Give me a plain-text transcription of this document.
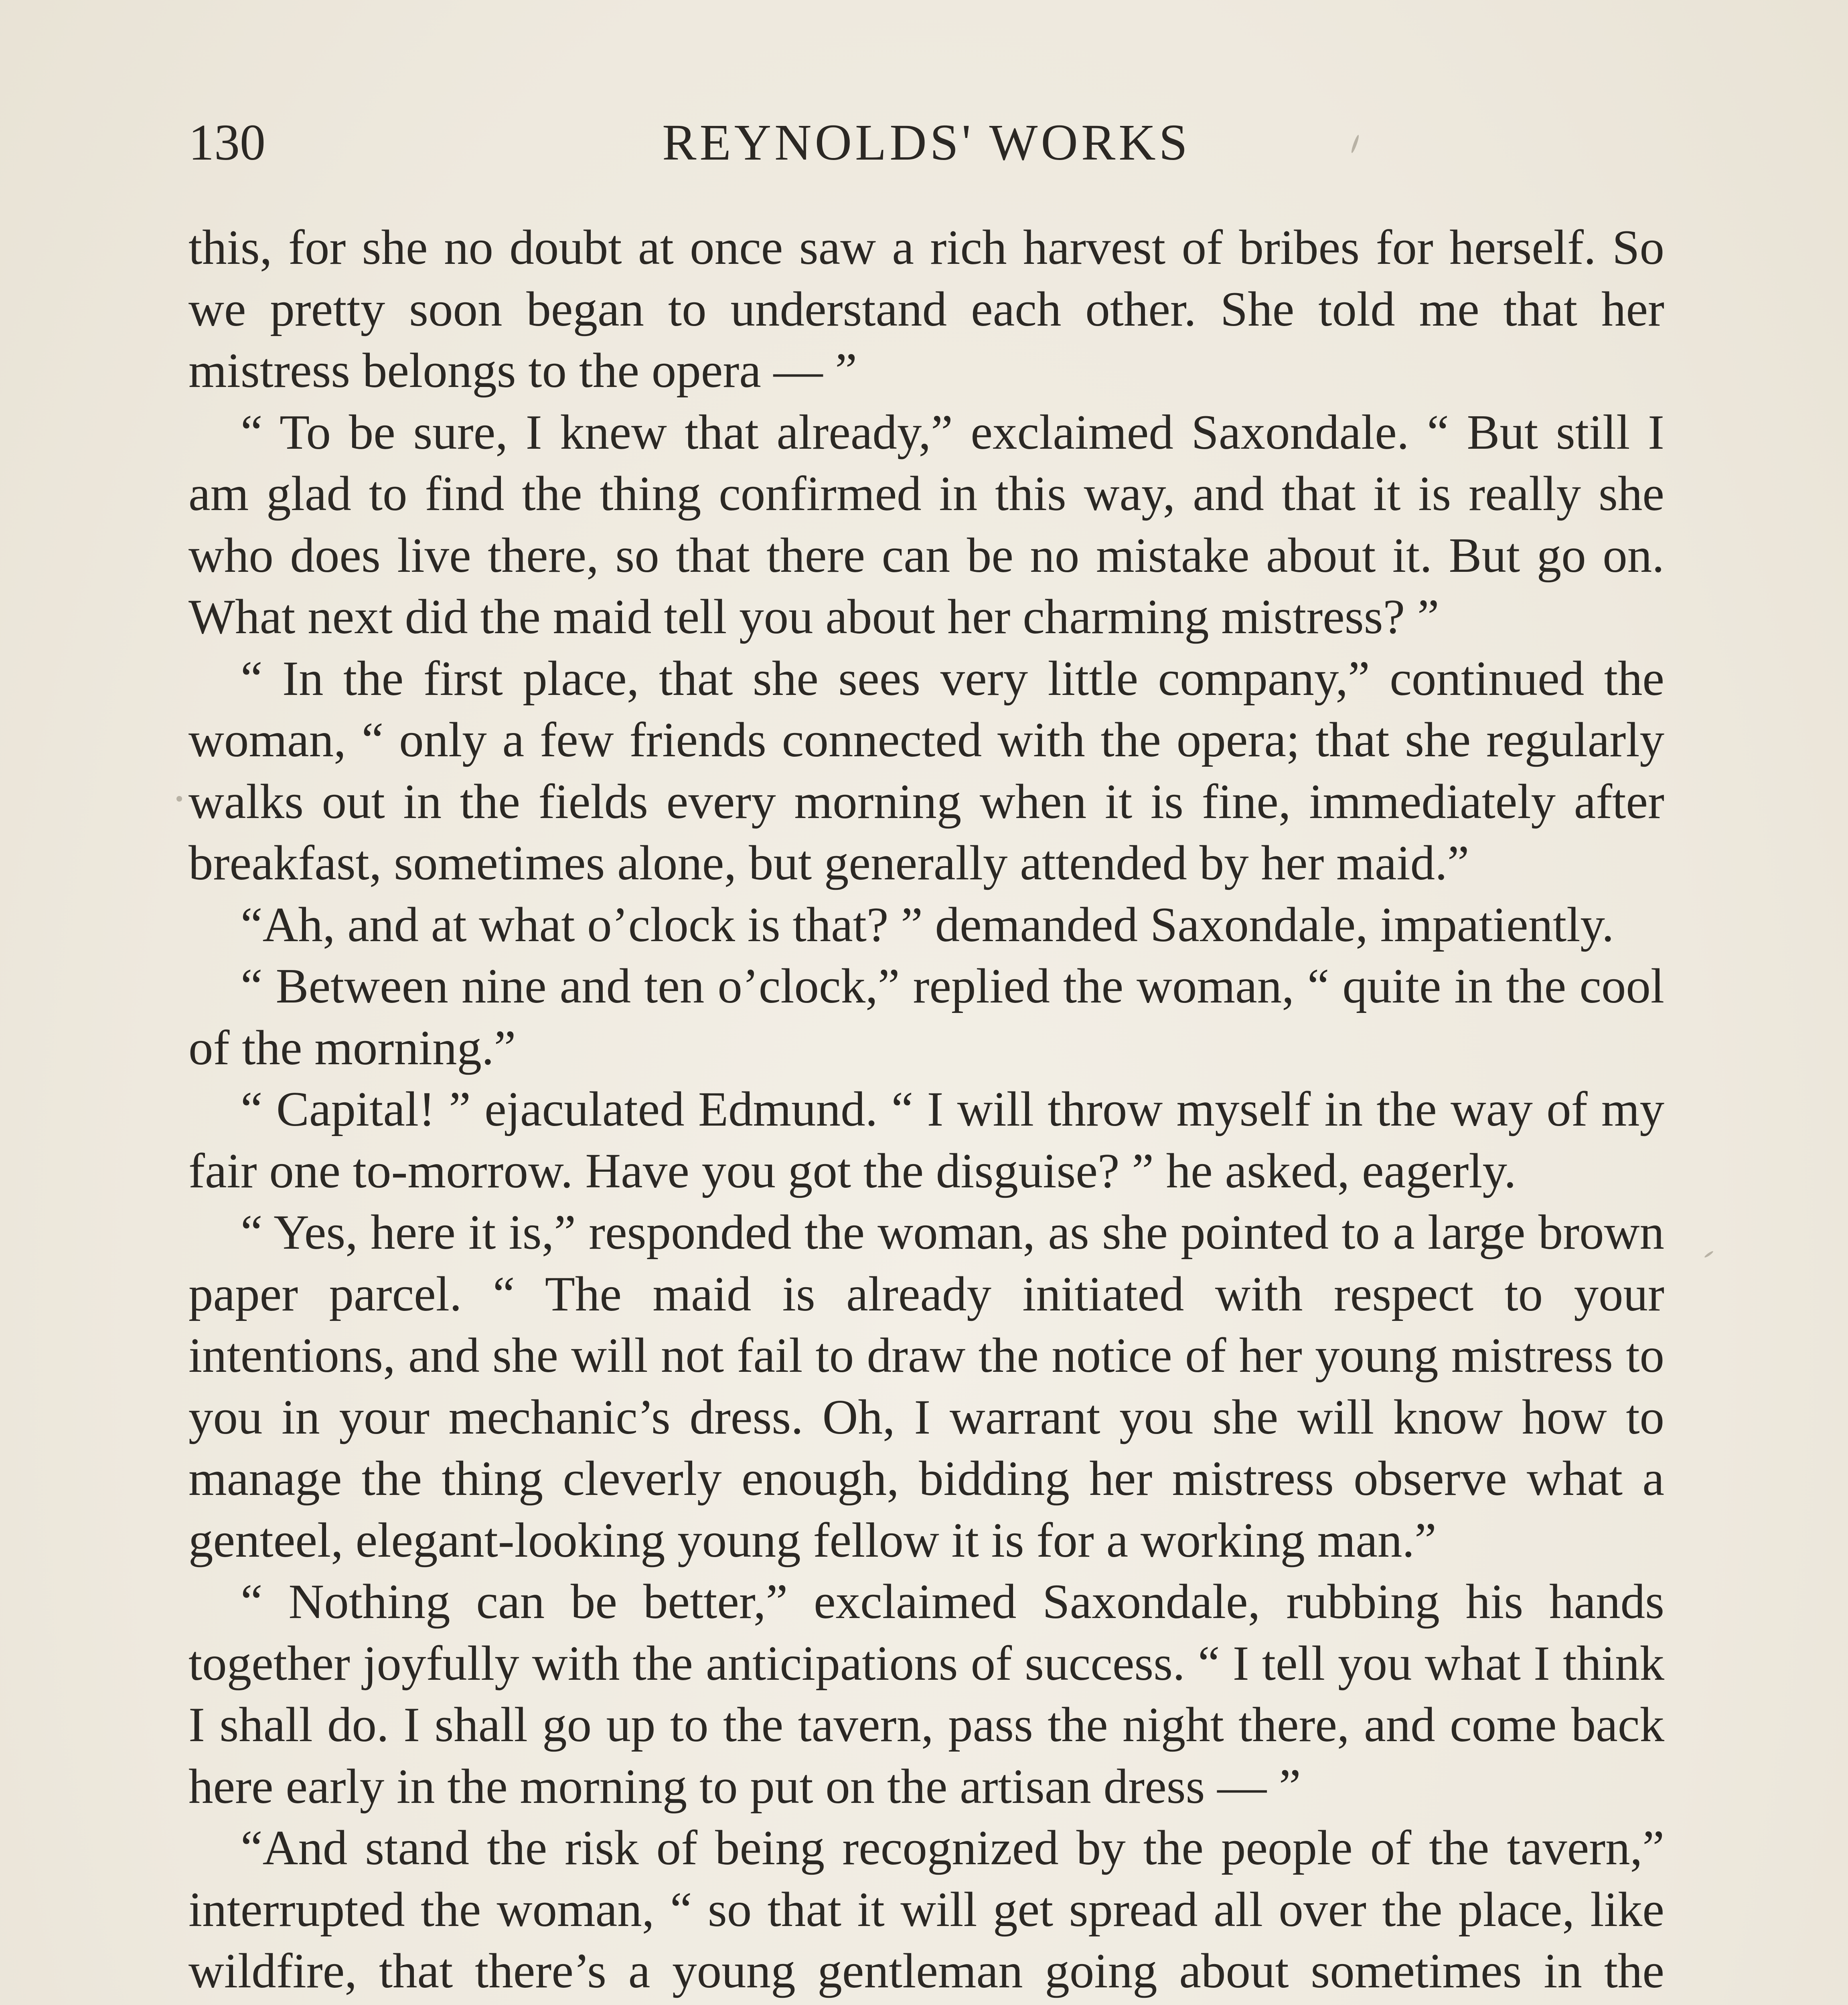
130	REYNOLDS' WORKS

this, for she no doubt at once saw a rich harvest of bribes for herself. So we pretty soon began to understand each other. She told me that her mistress belongs to the opera — ”

“ To be sure, I knew that already,” exclaimed Saxondale. “ But still I am glad to find the thing confirmed in this way, and that it is really she who does live there, so that there can be no mistake about it. But go on. What next did the maid tell you about her charming mistress? ”

“ In the first place, that she sees very little company,” continued the woman, “ only a few friends connected with the opera; that she regularly walks out in the fields every morning when it is fine, immediately after breakfast, sometimes alone, but generally attended by her maid.”

“Ah, and at what o’clock is that? ” demanded Saxondale, impatiently.

“ Between nine and ten o’clock,” replied the woman, “ quite in the cool of the morning.”

“ Capital! ” ejaculated Edmund. “ I will throw myself in the way of my fair one to-morrow. Have you got the disguise? ” he asked, eagerly.

“ Yes, here it is,” responded the woman, as she pointed to a large brown paper parcel. “ The maid is already initiated with respect to your intentions, and she will not fail to draw the notice of her young mistress to you in your mechanic’s dress. Oh, I warrant you she will know how to manage the thing cleverly enough, bidding her mistress observe what a genteel, elegant-looking young fellow it is for a working man.”

“ Nothing can be better,” exclaimed Saxondale, rubbing his hands together joyfully with the anticipations of success. “ I tell you what I think I shall do. I shall go up to the tavern, pass the night there, and come back here early in the morning to put on the artisan dress — ”

“And stand the risk of being recognized by the people of the tavern,” interrupted the woman, “ so that it will get spread all over the place, like wildfire, that there’s a young gentleman going about sometimes in the
